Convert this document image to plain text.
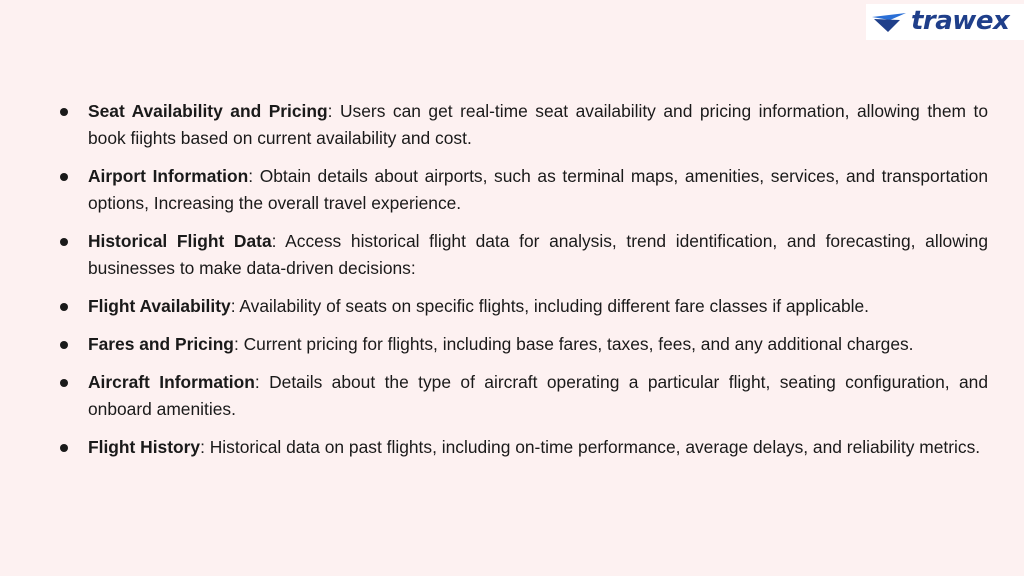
trawex
Seat Availability and Pricing: Users can get real-time seat availability and pricing information, allowing them to book fiights based on current availability and cost.
Airport Information: Obtain details about airports, such as terminal maps, amenities, services, and transportation options, Increasing the overall travel experience.
Historical Flight Data: Access historical flight data for analysis, trend identification, and forecasting, allowing businesses to make data-driven decisions:
Flight Availability: Availability of seats on specific flights, including different fare classes if applicable.
Fares and Pricing: Current pricing for flights, including base fares, taxes, fees, and any additional charges.
Aircraft Information: Details about the type of aircraft operating a particular flight, seating configuration, and onboard amenities.
Flight History: Historical data on past flights, including on-time performance, average delays, and reliability metrics.
